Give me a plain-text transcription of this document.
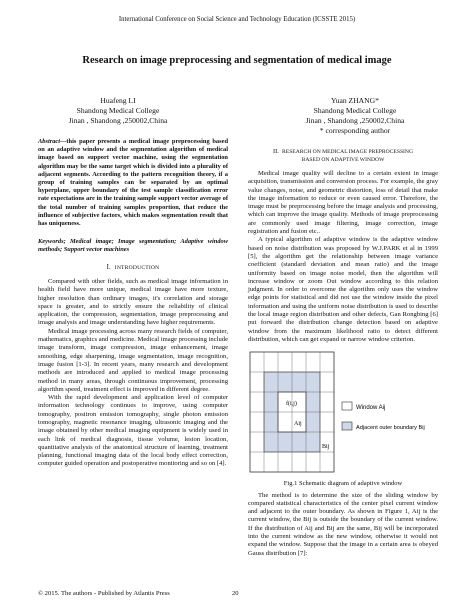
International Conference on Social Science and Technology Education (ICSSTE 2015)
Research on image preprocessing and segmentation of medical image
Huafeng LI
Shandong Medical College
Jinan , Shandong ,250002,China
Yuan ZHANG*
Shandong Medical College
Jinan , Shandong ,250002,China
* corresponding author

Abstract—this paper presents a medical image preprocessing based on an adaptive window and the segmentation algorithm of medical image based on support vector machine, using the segmentation algorithm may be the same target which is divided into a plurality of adjacent segments. According to the pattern recognition theory, if a group of training samples can be separated by an optimal hyperplane, upper boundary of the test sample classification error rate expectations are in the training sample support vector average of the total number of training samples proportion, that reduce the influence of subjective factors, which makes segmentation result that has uniqueness.

Keywords; Medical image; Image segmentation; Adaptive window methods; Support vector machines

I. INTRODUCTION

Compared with other fields, such as medical image information in health field have more unique, medical image have more texture, higher resolution than ordinary images, it's correlation and storage space is greater, and to strictly ensure the reliability of clinical application, the compression, segmentation, image preprocessing and image analysis and image understanding have higher requirements.

Medical image processing across many research fields of computer, mathematics, graphics and medicine. Medical image processing include image transform, image compression, image enhancement, image smoothing, edge sharpening, image segmentation, image recognition, image fusion [1-3]. In recent years, many research and development methods are introduced and applied to medical image processing method in many areas, through continuous improvement, processing algorithm speed, treatment effect is improved in different degree.

With the rapid development and application level of computer information technology continues to improve, using computer tomography, positron emission tomography, single photon emission tomography, magnetic resonance imaging, ultrasonic imaging and the image obtained by other medical imaging equipment is widely used in each link of medical diagnosis, tissue volume, lesion location, quantitative analysis of the anatomical structure of learning, treatment planning, functional imaging data of the local body effect correction, computer guided operation and postoperative monitoring and so on [4].

II. RESEARCH ON MEDICAL IMAGE PREPROCESSING
BASED ON ADAPTIVE WINDOW

Medical image quality will decline to a certain extent in image acquisition, transmission and conversion process. For example, the gray value changes, noise, and geometric distortion, loss of detail that make the image information to reduce or even caused error. Therefore, the image must be preprocessing before the image analysis and processing, which can improve the image quality. Methods of image preprocessing are commonly used image filtering, image correction, image registration and fusion etc..

A typical algorithm of adaptive window is the adaptive window based on noise distribution was proposed by W.J.PARK et al in 1999 [5], the algorithm get the relationship between image variance coefficient (standard deviation and mean ratio) and the image uniformity based on image noise model, then the algorithm will increase window or zoom Out window according to this relation judgment. In order to overcome the algorithm only uses the window edge points for statistical and did not use the window inside the pixel information and using the uniform noise distribution is used to describe the local image region distribution and other defects, Gan Rongbing [6] put forward the distribution change detection based on adaptive window from the maximum likelihood ratio to detect different distribution, which can get expand or narrow window criterion.

f(i,j)
Aij
Bij
Window Aij
Adjacent outer boundary Bij
Fig.1 Schematic diagram of adaptive window

The method is to determine the size of the sliding window by compared statistical characteristics of the center pixel current window and adjacent to the outer boundary. As shown in Figure 1, Aij is the current window, the Bij is outside the boundary of the current window. If the distribution of Aij and Bij are the same, Bij will be incorporated into the current window as the new window, otherwise it would not expand the window. Suppose that the image in a certain area is obeyed Gauss distribution [7]:

© 2015. The authors - Published by Atlantis Press	20
